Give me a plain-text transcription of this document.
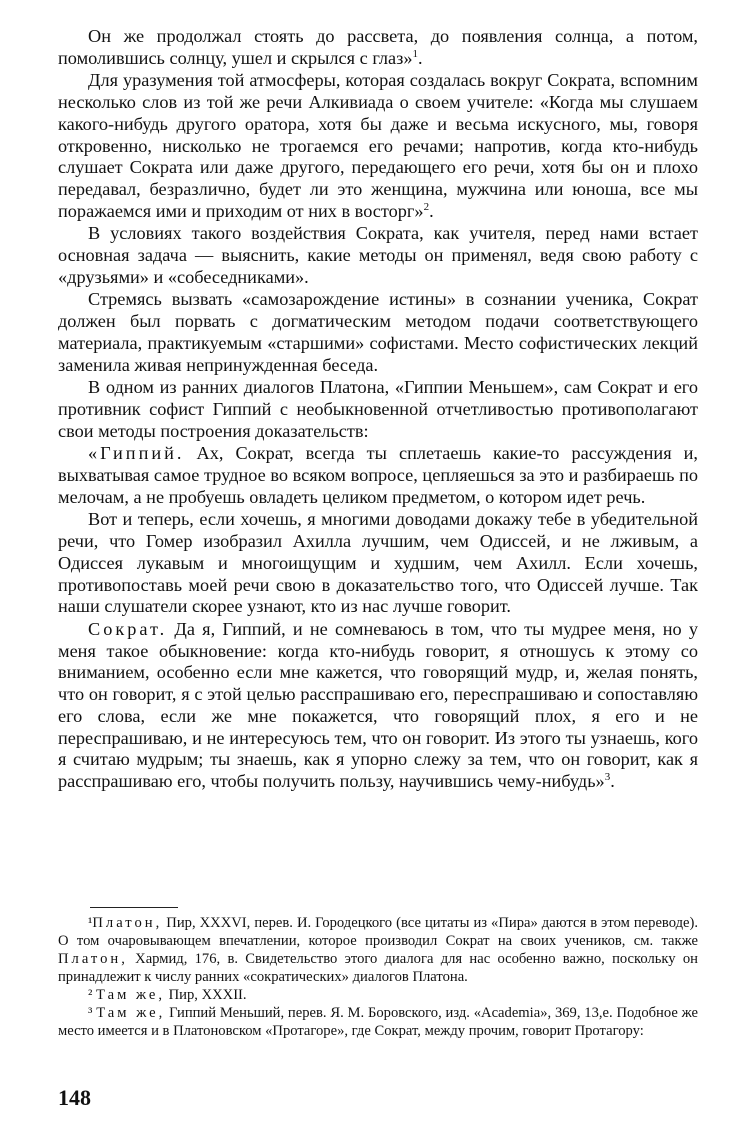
Он же продолжал стоять до рассвета, до появления солнца, а потом, помолившись солнцу, ушел и скрылся с глаз»$^1$.

Для уразумения той атмосферы, которая создалась вокруг Сократа, вспомним несколько слов из той же речи Алкивиада о своем учителе: «Когда мы слушаем какого-нибудь другого оратора, хотя бы даже и весьма искусного, мы, говоря откровенно, нисколько не трогаемся его речами; напротив, когда кто-нибудь слушает Сократа или даже другого, передающего его речи, хотя бы он и плохо передавал, безразлично, будет ли это женщина, мужчина или юноша, все мы поражаемся ими и приходим от них в восторг»$^2$.

В условиях такого воздействия Сократа, как учителя, перед нами встает основная задача — выяснить, какие методы он применял, ведя свою работу с «друзьями» и «собеседниками».

Стремясь вызвать «самозарождение истины» в сознании ученика, Сократ должен был порвать с догматическим методом подачи соответствующего материала, практикуемым «старшими» софистами. Место софистических лекций заменила живая непринужденная беседа.

В одном из ранних диалогов Платона, «Гиппии Меньшем», сам Сократ и его противник софист Гиппий с необыкновенной отчетливостью противополагают свои методы построения доказательств:

«Гиппий. Ах, Сократ, всегда ты сплетаешь какие-то рассуждения и, выхватывая самое трудное во всяком вопросе, цепляешься за это и разбираешь по мелочам, а не пробуешь овладеть целиком предметом, о котором идет речь.

Вот и теперь, если хочешь, я многими доводами докажу тебе в убедительной речи, что Гомер изобразил Ахилла лучшим, чем Одиссей, и не лживым, а Одиссея лукавым и многоищущим и худшим, чем Ахилл. Если хочешь, противопоставь моей речи свою в доказательство того, что Одиссей лучше. Так наши слушатели скорее узнают, кто из нас лучше говорит.

Сократ. Да я, Гиппий, и не сомневаюсь в том, что ты мудрее меня, но у меня такое обыкновение: когда кто-нибудь говорит, я отношусь к этому со вниманием, особенно если мне кажется, что говорящий мудр, и, желая понять, что он говорит, я с этой целью расспрашиваю его, переспрашиваю и сопоставляю его слова, если же мне покажется, что говорящий плох, я его и не переспрашиваю, и не интересуюсь тем, что он говорит. Из этого ты узнаешь, кого я считаю мудрым; ты знаешь, как я упорно слежу за тем, что он говорит, как я расспрашиваю его, чтобы получить пользу, научившись чему-нибудь»$^3$.

¹Платон, Пир, XXXVI, перев. И. Городецкого (все цитаты из «Пира» даются в этом переводе). О том очаровывающем впечатлении, которое производил Сократ на своих учеников, см. также Платон, Хармид, 176, в. Свидетельство этого диалога для нас особенно важно, поскольку он принадлежит к числу ранних «сократических» диалогов Платона.

² Там же, Пир, XXXII.

³ Там же, Гиппий Меньший, перев. Я. М. Боровского, изд. «Academia», 369, 13,е. Подобное же место имеется и в Платоновском «Протагоре», где Сократ, между прочим, говорит Протагору:

148
